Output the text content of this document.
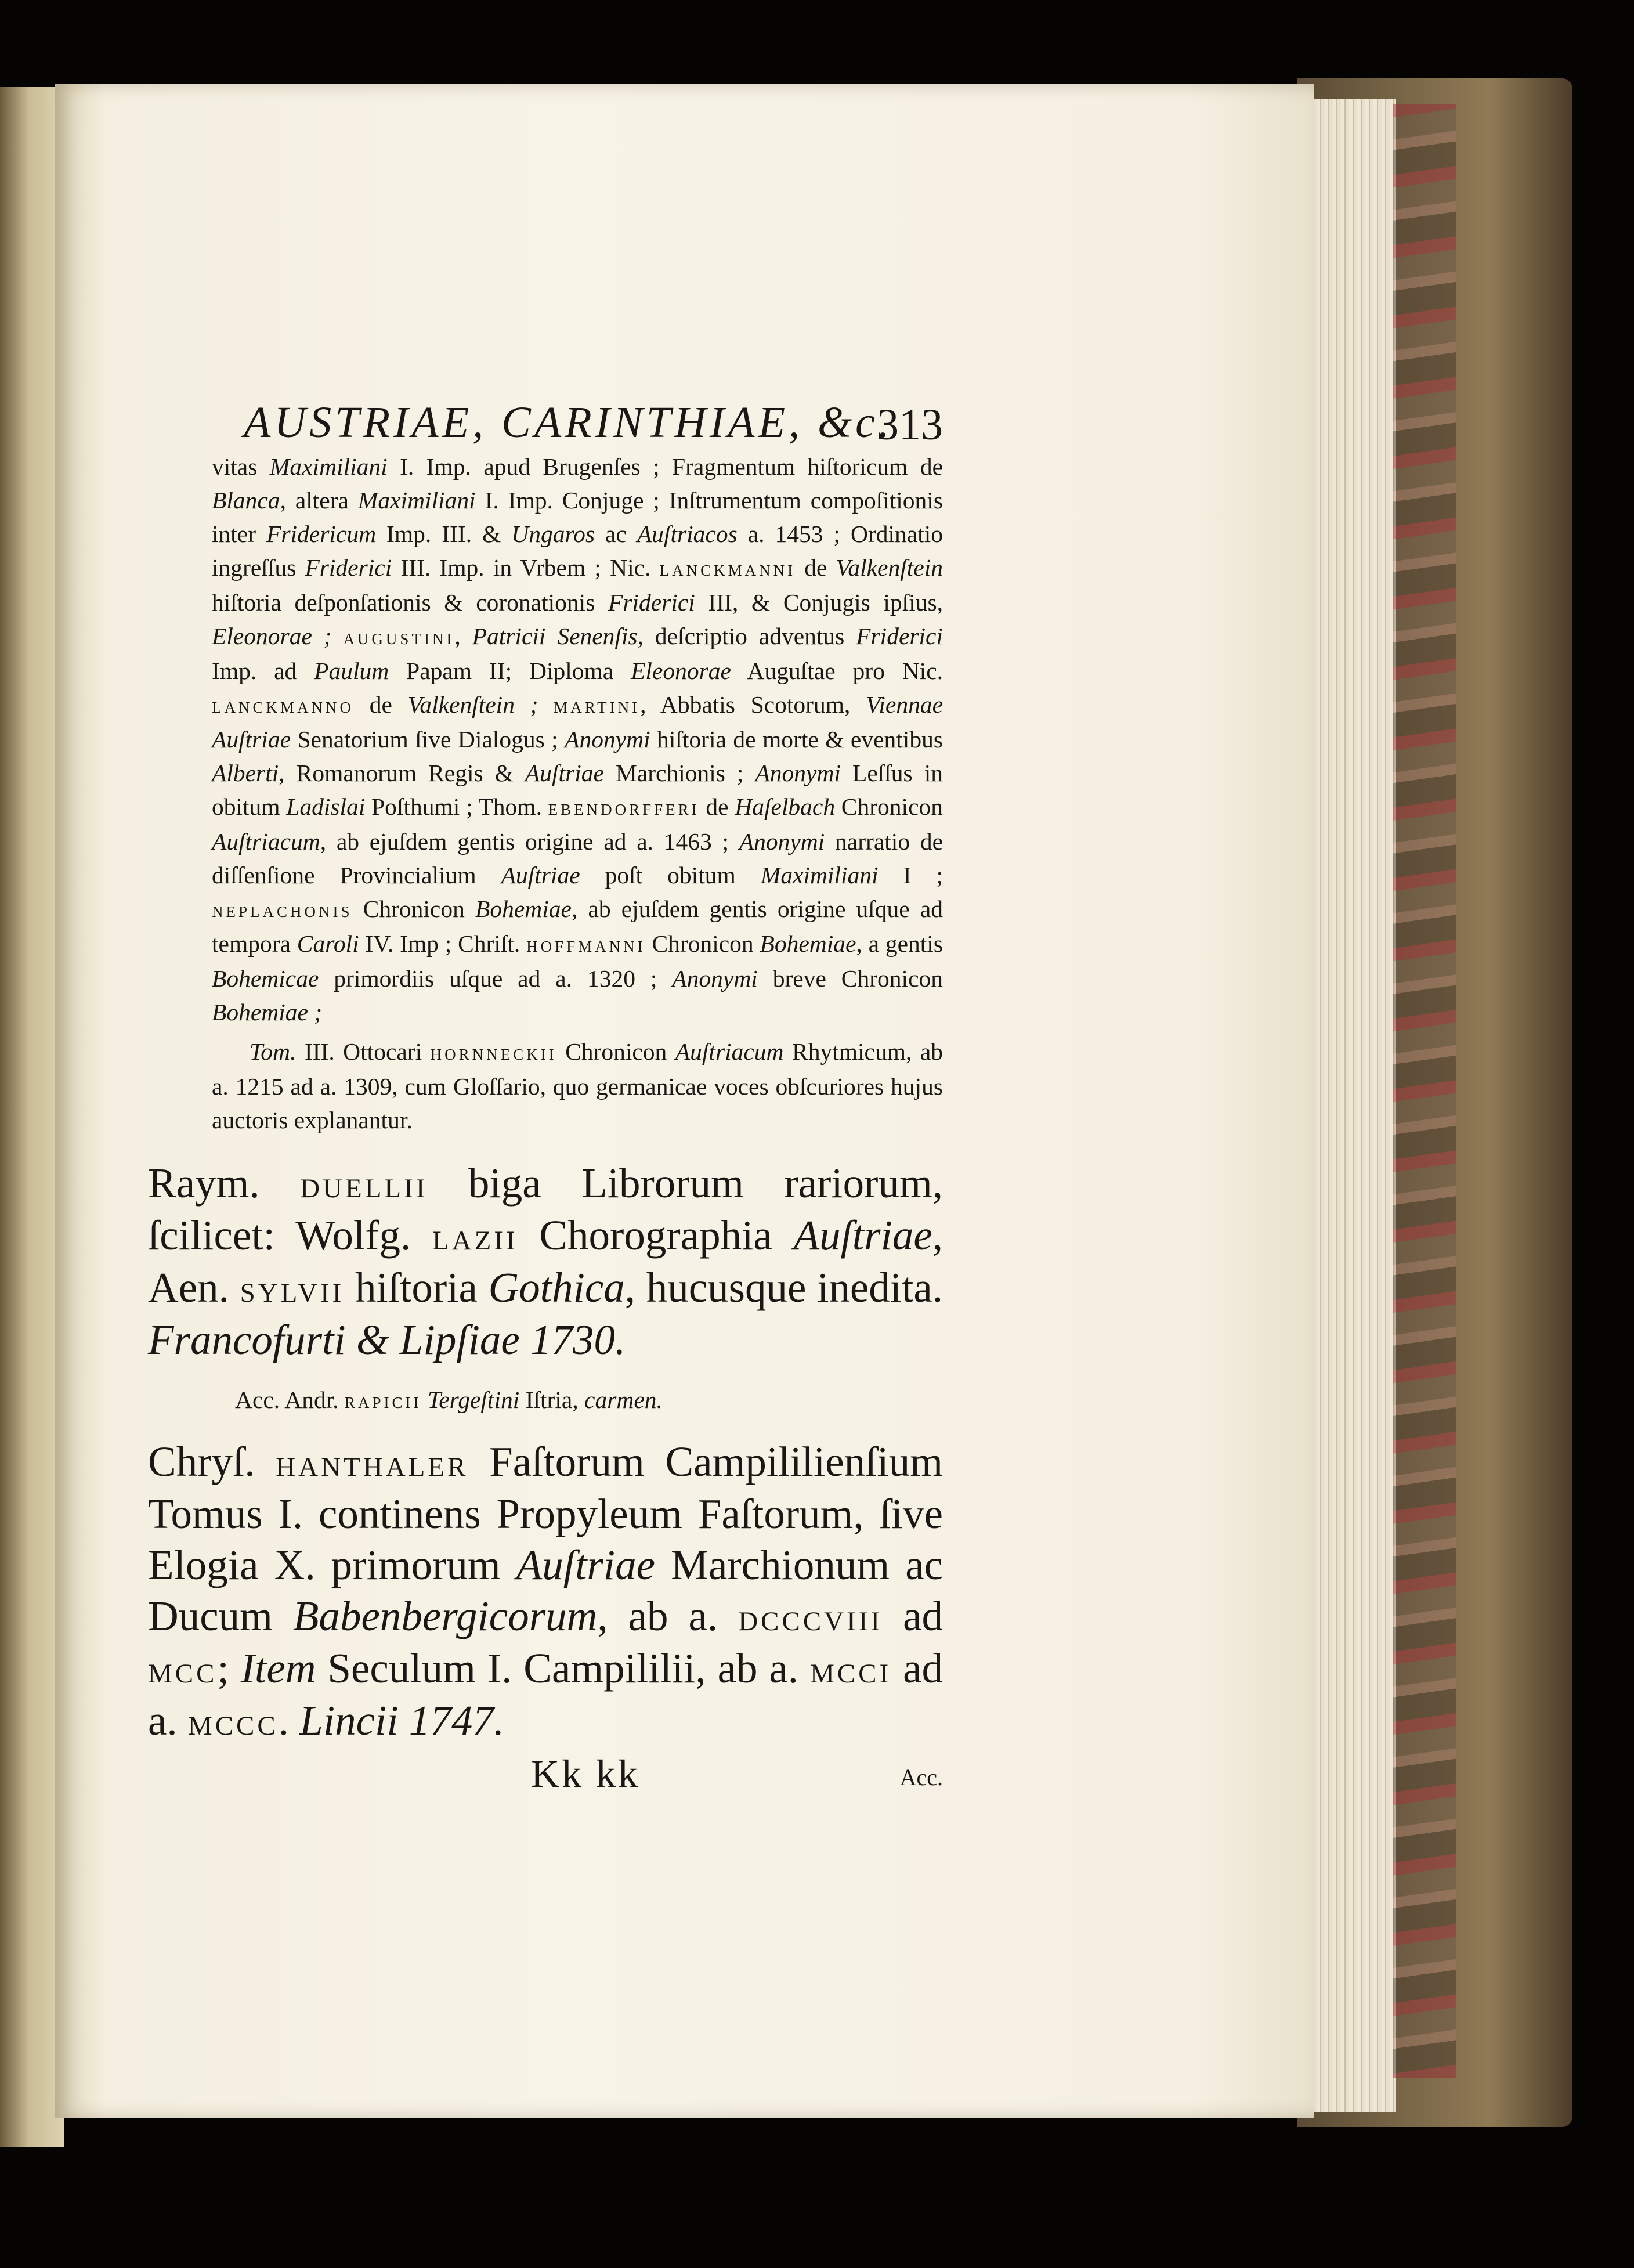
AUSTRIAE, CARINTHIAE, &c.
313

vitas Maximiliani I. Imp. apud Brugenſes ; Fragmentum hiſtoricum de Blanca, altera Maximiliani I. Imp. Conjuge ; Inſtrumentum compoſitionis inter Fridericum Imp. III. & Ungaros ac Auſtriacos a. 1453 ; Ordinatio ingreſſus Friderici III. Imp. in Vrbem ; Nic. lanckmanni de Valkenſtein hiſtoria deſponſationis & coronationis Friderici III, & Conjugis ipſius, Eleonorae ; augustini, Patricii Senenſis, deſcriptio adventus Friderici Imp. ad Paulum Papam II; Diploma Eleonorae Auguſtae pro Nic. lanckmanno de Valkenſtein ; martini, Abbatis Scotorum, Viennae Auſtriae Senatorium ſive Dialogus ; Anonymi hiſtoria de morte & eventibus Alberti, Romanorum Regis & Auſtriae Marchionis ; Anonymi Leſſus in obitum Ladislai Poſthumi ; Thom. ebendorfferi de Haſelbach Chronicon Auſtriacum, ab ejuſdem gentis origine ad a. 1463 ; Anonymi narratio de diſſenſione Provincialium Auſtriae poſt obitum Maximiliani I ; neplachonis Chronicon Bohemiae, ab ejuſdem gentis origine uſque ad tempora Caroli IV. Imp ; Chriſt. hoffmanni Chronicon Bohemiae, a gentis Bohemicae primordiis uſque ad a. 1320 ; Anonymi breve Chronicon Bohemiae ;

Tom. III. Ottocari hornneckii Chronicon Auſtriacum Rhytmicum, ab a. 1215 ad a. 1309, cum Gloſſario, quo germanicae voces obſcuriores hujus auctoris explanantur.

Raym. duellii biga Librorum rariorum, ſcilicet: Wolfg. lazii Chorographia Auſtriae, Aen. sylvii hiſtoria Gothica, hucusque inedita. Francofurti & Lipſiae 1730.

Acc. Andr. rapicii Tergeſtini Iſtria, carmen.

Chryſ. hanthaler Faſtorum Campililienſium Tomus I. continens Propyleum Faſtorum, ſive Elogia X. primorum Auſtriae Marchionum ac Ducum Babenbergicorum, ab a. dcccviii ad mcc; Item Seculum I. Campililii, ab a. mcci ad a. mccc. Lincii 1747.

Kk kk	Acc.
